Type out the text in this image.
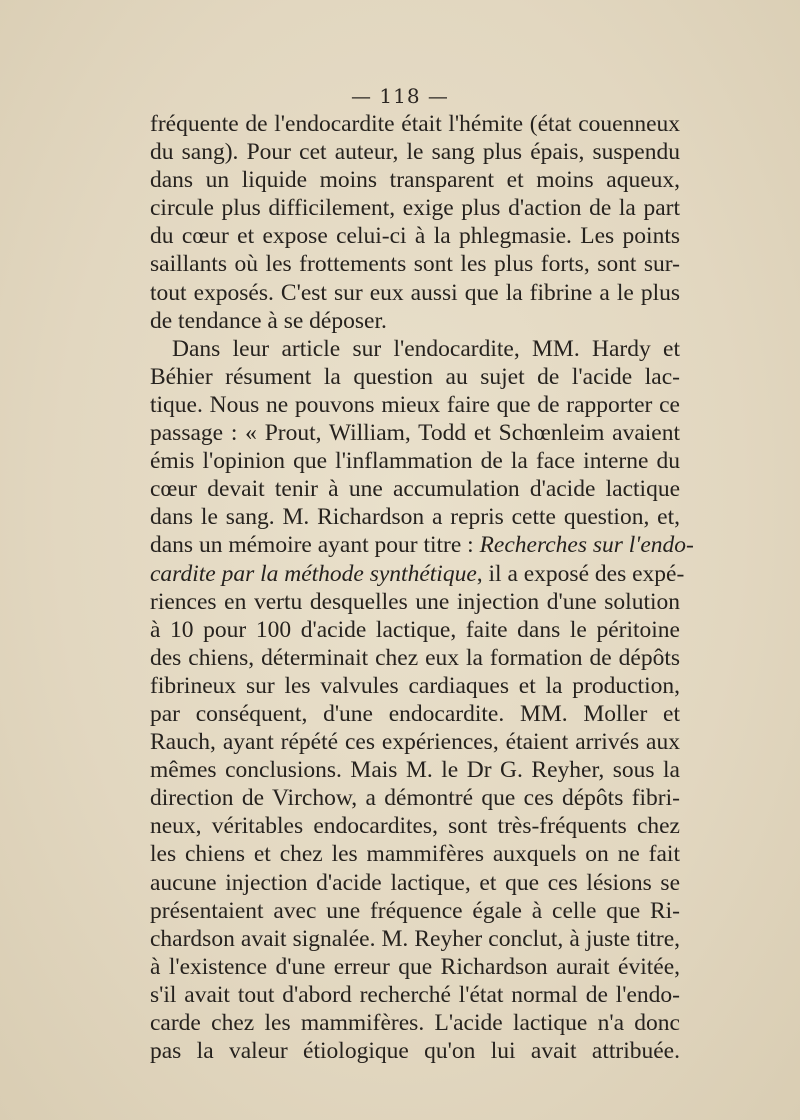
— 118 —
fréquente de l'endocardite était l'hémite (état couenneux
du sang). Pour cet auteur, le sang plus épais, suspendu
dans un liquide moins transparent et moins aqueux,
circule plus difficilement, exige plus d'action de la part
du cœur et expose celui-ci à la phlegmasie. Les points
saillants où les frottements sont les plus forts, sont sur-
tout exposés. C'est sur eux aussi que la fibrine a le plus
de tendance à se déposer.
Dans leur article sur l'endocardite, MM. Hardy et
Béhier résument la question au sujet de l'acide lac-
tique. Nous ne pouvons mieux faire que de rapporter ce
passage : « Prout, William, Todd et Schœnleim avaient
émis l'opinion que l'inflammation de la face interne du
cœur devait tenir à une accumulation d'acide lactique
dans le sang. M. Richardson a repris cette question, et,
dans un mémoire ayant pour titre : Recherches sur l'endo-
cardite par la méthode synthétique, il a exposé des expé-
riences en vertu desquelles une injection d'une solution
à 10 pour 100 d'acide lactique, faite dans le péritoine
des chiens, déterminait chez eux la formation de dépôts
fibrineux sur les valvules cardiaques et la production,
par conséquent, d'une endocardite. MM. Moller et
Rauch, ayant répété ces expériences, étaient arrivés aux
mêmes conclusions. Mais M. le Dr G. Reyher, sous la
direction de Virchow, a démontré que ces dépôts fibri-
neux, véritables endocardites, sont très-fréquents chez
les chiens et chez les mammifères auxquels on ne fait
aucune injection d'acide lactique, et que ces lésions se
présentaient avec une fréquence égale à celle que Ri-
chardson avait signalée. M. Reyher conclut, à juste titre,
à l'existence d'une erreur que Richardson aurait évitée,
s'il avait tout d'abord recherché l'état normal de l'endo-
carde chez les mammifères. L'acide lactique n'a donc
pas la valeur étiologique qu'on lui avait attribuée.
